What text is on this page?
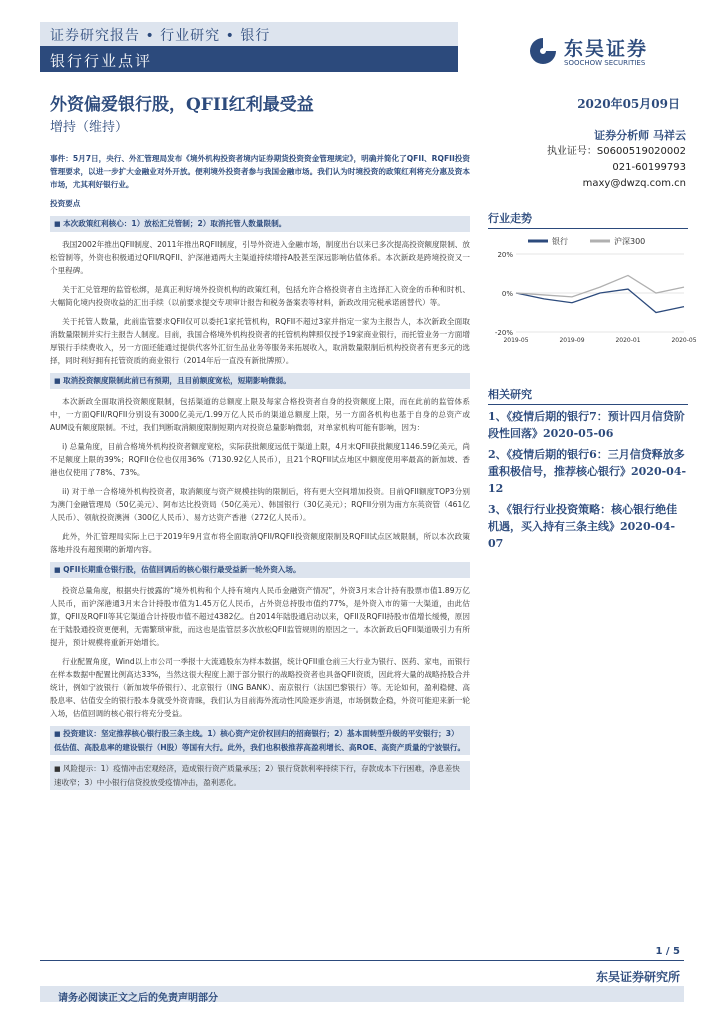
证券研究报告 • 行业研究 • 银行
银行行业点评
东吴证券
SOOCHOW SECURITIES
外资偏爱银行股，QFII红利最受益
增持（维持）
2020年05月09日
证券分析师 马祥云
执业证号：S0600519020002
021-60199793
maxy@dwzq.com.cn

事件：5月7日，央行、外汇管理局发布《境外机构投资者境内证券期货投资资金管理规定》，明确并简化了QFII、RQFII投资管理要求，以进一步扩大金融业对外开放。便利境外投资者参与我国金融市场。我们认为时境投资的政策红利将充分惠及资本市场，尤其利好银行业。

投资要点
■ 本次政策红利核心：1）放松汇兑管制；2）取消托管人数量限制。

我国2002年推出QFII制度、2011年推出RQFII制度，引导外资进入金融市场，制度出台以来已多次提高投资额度限制、放松管制等，外资也积极通过QFII/RQFII、沪深港通两大主渠道持续增持A股甚至深远影响估值体系。本次新政是跨境投资又一个里程碑。

关于汇兑管理的监管松绑，是真正利好境外投资机构的政策红利，包括允许合格投资者自主选择汇入资金的币种和时机、大幅简化境内投资收益的汇出手续（以前要求提交专项审计报告和税务备案表等材料，新政改用完税承诺函替代）等。

关于托管人数量，此前监管要求QFII仅可以委托1家托管机构，RQFII不超过3家并指定一家为主报告人，本次新政全面取消数量限制并实行主报告人制度。目前，我国合格境外机构投资者的托管机构牌照仅授予19家商业银行，而托管业务一方面增厚银行手续费收入，另一方面还能通过提供代客外汇衍生品业务等服务来拓展收入，取消数量限制后机构投资者有更多元的选择，同时利好拥有托管资质的商业银行（2014年后一直没有新批牌照）。

■ 取消投资额度限制此前已有预期，且目前额度宽松，短期影响微弱。

本次新政全面取消投资额度限制，包括渠道的总额度上限及每家合格投资者自身的投资额度上限，而在此前的监管体系中，一方面QFII/RQFII分别设有3000亿美元/1.99万亿人民币的渠道总额度上限，另一方面各机构也基于自身的总资产或AUM设有额度限制。不过，我们判断取消额度限制短期内对投资总量影响微弱，对单家机构可能有影响，因为：

i) 总量角度，目前合格境外机构投资者额度宽松，实际获批额度远低于渠道上限，4月末QFII获批额度1146.59亿美元，尚不足额度上限的39%；RQFII仓位也仅用36%（7130.92亿人民币），且21个RQFII试点地区中额度使用率最高的新加坡、香港也仅使用了78%、73%。

ii) 对于单一合格境外机构投资者，取消额度与资产规模挂钩的限制后，将有更大空间增加投资。目前QFII额度TOP3分别为澳门金融管理局（50亿美元）、阿布达比投资局（50亿美元）、韩国银行（30亿美元）；RQFII分别为南方东英资管（461亿人民币）、领航投资澳洲（300亿人民币）、易方达资产香港（272亿人民币）。

此外，外汇管理局实际上已于2019年9月宣布将全面取消QFII/RQFII投资额度限制及RQFII试点区域限制，所以本次政策落地并没有超预期的新增内容。

■ QFII长期重仓银行股，估值回调后的核心银行最受益新一轮外资入场。

投资总量角度，根据央行披露的“境外机构和个人持有境内人民币金融资产情况”，外资3月末合计持有股票市值1.89万亿人民币，而沪深港通3月末合计持股市值为1.45万亿人民币，占外资总持股市值约77%，是外资入市的第一大渠道，由此估算，QFII及RQFII等其它渠道合计持股市值不超过4382亿。自2014年陆股通启动以来，QFII及RQFII持股市值增长缓慢，原因在于陆股通投资更便利，无需繁琐审批，而这也是监管层多次放松QFII监管规则的原因之一。本次新政后QFII渠道吸引力有所提升，预计规模将重新开始增长。

行业配置角度，Wind以上市公司一季报十大流通股东为样本数据，统计QFII重仓前三大行业为银行、医药、家电，而银行在样本数据中配置比例高达33%，当然这很大程度上源于部分银行的战略投资者也具备QFII资质，因此将大量的战略持股合并统计，例如宁波银行（新加坡华侨银行）、北京银行（ING BANK）、南京银行（法国巴黎银行）等。无论如何，盈利稳健、高股息率、估值安全的银行股本身就受外资青睐，我们认为目前海外流动性风险逐步消退，市场倒数企稳，外资可能迎来新一轮入场，估值回调的核心银行将充分受益。

■ 投资建议：坚定推荐核心银行股三条主线。1）核心资产定价权回归的招商银行；2）基本面转型升级的平安银行；3）低估值、高股息率的建设银行（H股）等国有大行。此外，我们也积极推荐高盈利增长、高ROE、高资产质量的宁波银行。
■ 风险提示：1）疫情冲击宏观经济，造成银行资产质量承压；2）银行贷款利率持续下行，存款成本下行困难，净息差快速收窄；3）中小银行信贷投放受疫情冲击，盈利恶化。
行业走势
银行	沪深300
20%
0%
-20%
2019-05	2019-09	2020-01	2020-05
相关研究
1、《疫情后期的银行7：预计四月信贷阶段性回落》2020-05-06
2、《疫情后期的银行6：三月信贷释放多重积极信号，推荐核心银行》2020-04-12
3、《银行行业投资策略：核心银行绝佳机遇，买入持有三条主线》2020-04-07
1 / 5
东吴证券研究所
请务必阅读正文之后的免责声明部分
